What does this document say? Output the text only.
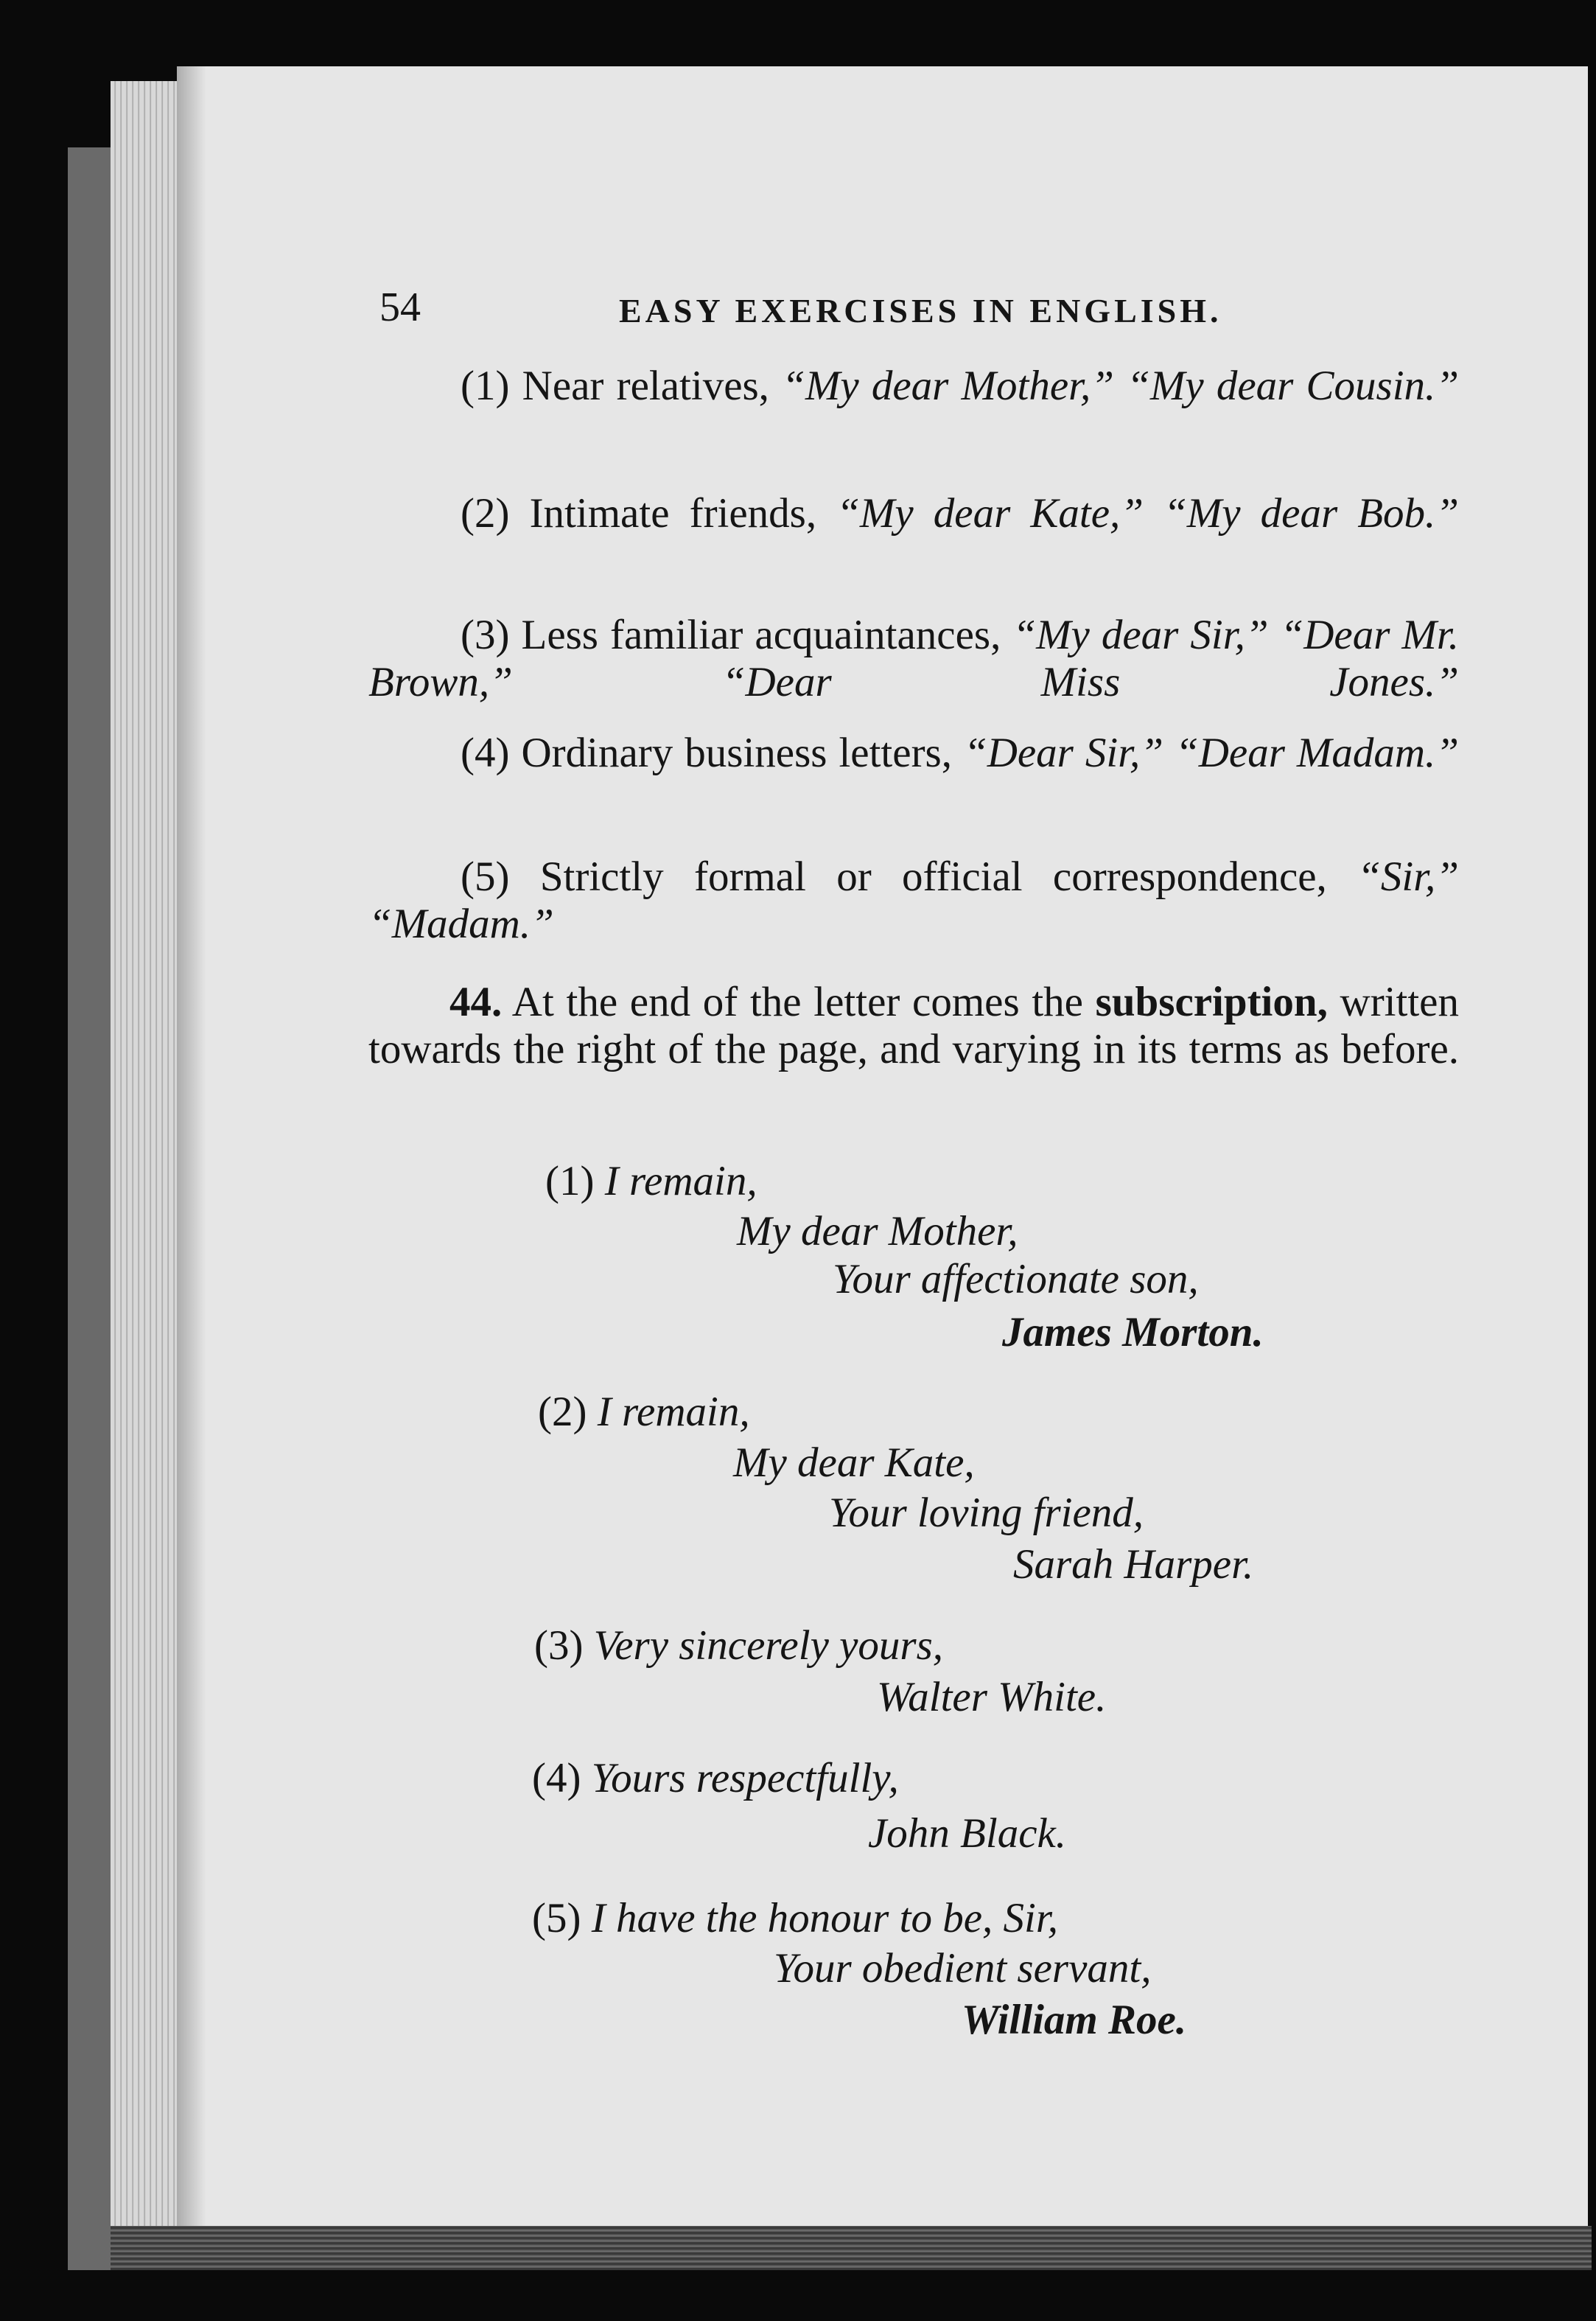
54	EASY EXERCISES IN ENGLISH.
(1) Near relatives, “My dear Mother,” “My dear Cousin.”
(2) Intimate friends, “My dear Kate,” “My dear Bob.”
(3) Less familiar acquaintances, “My dear Sir,” “Dear Mr. Brown,” “Dear Miss Jones.”
(4) Ordinary business letters, “Dear Sir,” “Dear Madam.”
(5) Strictly formal or official correspondence, “Sir,” “Madam.”
44. At the end of the letter comes the subscription, written towards the right of the page, and varying in its terms as before.
(1) I remain,
My dear Mother,
Your affectionate son,
James Morton.
(2) I remain,
My dear Kate,
Your loving friend,
Sarah Harper.
(3) Very sincerely yours,
Walter White.
(4) Yours respectfully,
John Black.
(5) I have the honour to be, Sir,
Your obedient servant,
William Roe.
